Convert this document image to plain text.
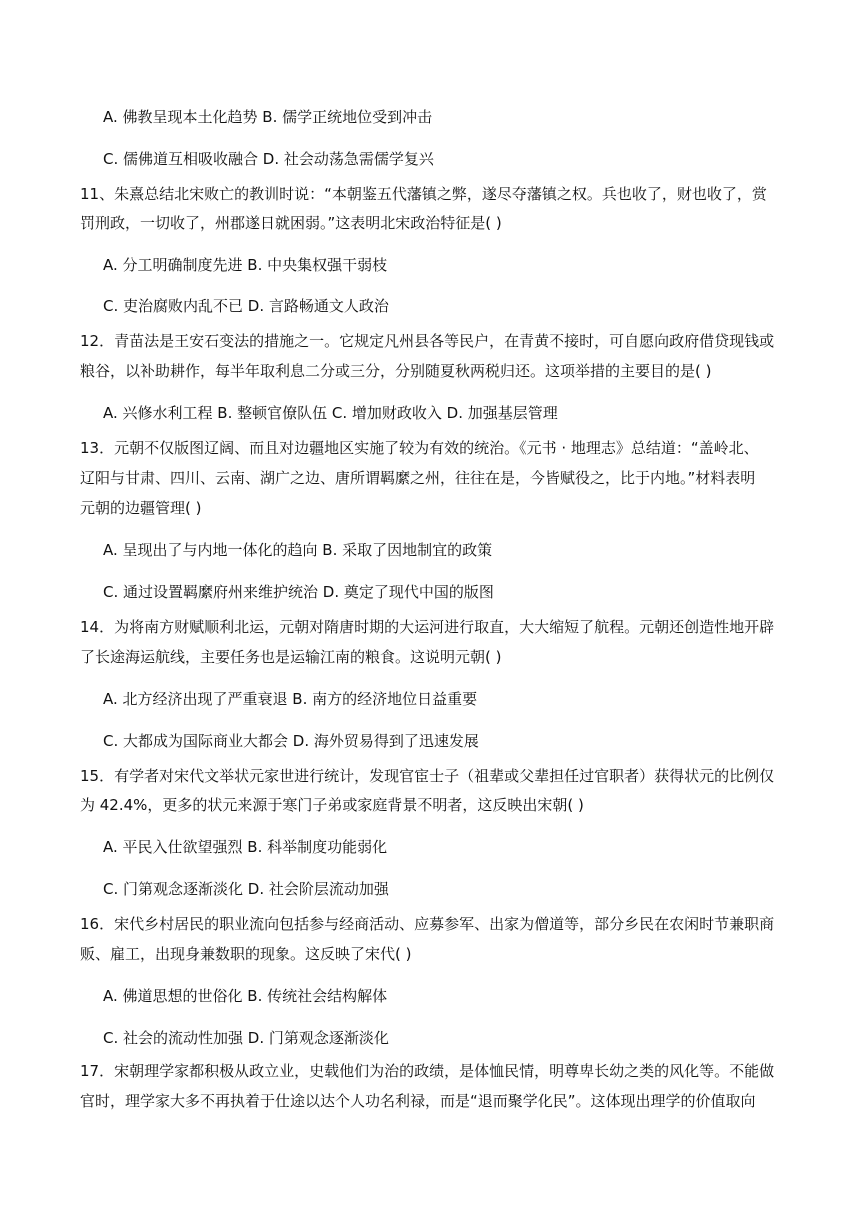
A. 佛教呈现本土化趋势 B. 儒学正统地位受到冲击
C. 儒佛道互相吸收融合 D. 社会动荡急需儒学复兴
11、朱熹总结北宋败亡的教训时说：“本朝鉴五代藩镇之弊，遂尽夺藩镇之权。兵也收了，财也收了，赏
罚刑政，一切收了，州郡遂日就困弱。”这表明北宋政治特征是( )
A. 分工明确制度先进 B. 中央集权强干弱枝
C. 吏治腐败内乱不已 D. 言路畅通文人政治
12．青苗法是王安石变法的措施之一。它规定凡州县各等民户，在青黄不接时，可自愿向政府借贷现钱或
粮谷，以补助耕作，每半年取利息二分或三分，分别随夏秋两税归还。这项举措的主要目的是( )
A. 兴修水利工程 B. 整顿官僚队伍 C. 增加财政收入 D. 加强基层管理
13．元朝不仅版图辽阔、而且对边疆地区实施了较为有效的统治。《元书 · 地理志》总结道：“盖岭北、
辽阳与甘肃、四川、云南、湖广之边、唐所谓羁縻之州，往往在是，今皆赋役之，比于内地。”材料表明
元朝的边疆管理( )
A. 呈现出了与内地一体化的趋向 B. 采取了因地制宜的政策
C. 通过设置羁縻府州来维护统治 D. 奠定了现代中国的版图
14．为将南方财赋顺利北运，元朝对隋唐时期的大运河进行取直，大大缩短了航程。元朝还创造性地开辟
了长途海运航线，主要任务也是运输江南的粮食。这说明元朝( )
A. 北方经济出现了严重衰退 B. 南方的经济地位日益重要
C. 大都成为国际商业大都会 D. 海外贸易得到了迅速发展
15．有学者对宋代文举状元家世进行统计，发现官宦士子（祖辈或父辈担任过官职者）获得状元的比例仅
为 42.4%，更多的状元来源于寒门子弟或家庭背景不明者，这反映出宋朝( )
A. 平民入仕欲望强烈 B. 科举制度功能弱化
C. 门第观念逐渐淡化 D. 社会阶层流动加强
16．宋代乡村居民的职业流向包括参与经商活动、应募参军、出家为僧道等，部分乡民在农闲时节兼职商
贩、雇工，出现身兼数职的现象。这反映了宋代( )
A. 佛道思想的世俗化 B. 传统社会结构解体
C. 社会的流动性加强 D. 门第观念逐渐淡化
17．宋朝理学家都积极从政立业，史载他们为治的政绩，是体恤民情，明尊卑长幼之类的风化等。不能做
官时，理学家大多不再执着于仕途以达个人功名利禄，而是“退而聚学化民”。这体现出理学的价值取向
